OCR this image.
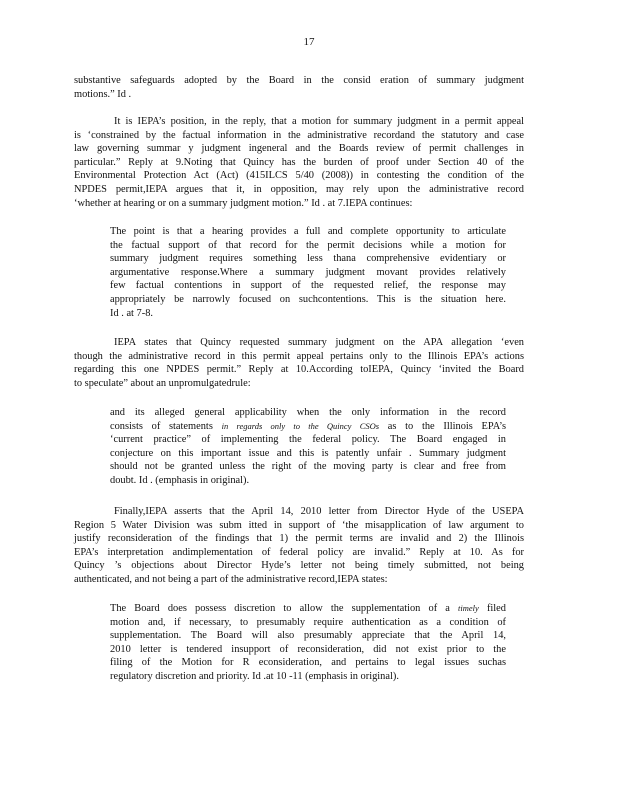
17
substantive safeguards adopted by the Board in the consid eration of summary judgment
motions.” Id .
It is IEPA’s position, in the reply, that a motion for summary judgment in a permit appeal
is ‘constrained by the factual information in the administrative recordand the statutory and case
law governing summar y judgment ingeneral and the Boards review of permit challenges in
particular.” Reply at 9.Noting that Quincy has the burden of proof under Section 40 of the
Environmental Protection Act (Act) (415ILCS 5/40 (2008)) in contesting the condition of the
NPDES permit,IEPA argues that it, in opposition, may rely upon the administrative record
‘whether at hearing or on a summary judgment motion.” Id . at 7.IEPA continues:
The point is that a hearing provides a full and complete opportunity to articulate
the factual support of that record for the permit decisions while a motion for
summary judgment requires something less thana comprehensive evidentiary or
argumentative response.Where a summary judgment movant provides relatively
few factual contentions in support of the requested relief, the response may
appropriately be narrowly focused on suchcontentions. This is the situation here.
Id . at 7-8.
IEPA states that Quincy requested summary judgment on the APA allegation ‘even
though the administrative record in this permit appeal pertains only to the Illinois EPA’s actions
regarding this one NPDES permit.” Reply at 10.According toIEPA, Quincy ‘invited the Board
to speculate” about an unpromulgatedrule:
and its alleged general applicability when the only information in the record
consists of statements in regards only to the Quincy CSOs as to the Illinois EPA’s
‘current practice” of implementing the federal policy. The Board engaged in
conjecture on this important issue and this is patently unfair . Summary judgment
should not be granted unless the right of the moving party is clear and free from
doubt. Id . (emphasis in original).
Finally,IEPA asserts that the April 14, 2010 letter from Director Hyde of the USEPA
Region 5 Water Division was subm itted in support of ‘the misapplication of law argument to
justify reconsideration of the findings that 1) the permit terms are invalid and 2) the Illinois
EPA’s interpretation andimplementation of federal policy are invalid.” Reply at 10. As for
Quincy ’s objections about Director Hyde’s letter not being timely submitted, not being
authenticated, and not being a part of the administrative record,IEPA states:
The Board does possess discretion to allow the supplementation of a timely filed
motion and, if necessary, to presumably require authentication as a condition of
supplementation. The Board will also presumably appreciate that the April 14,
2010 letter is tendered insupport of reconsideration, did not exist prior to the
filing of the Motion for R econsideration, and pertains to legal issues suchas
regulatory discretion and priority. Id .at 10 -11 (emphasis in original).
